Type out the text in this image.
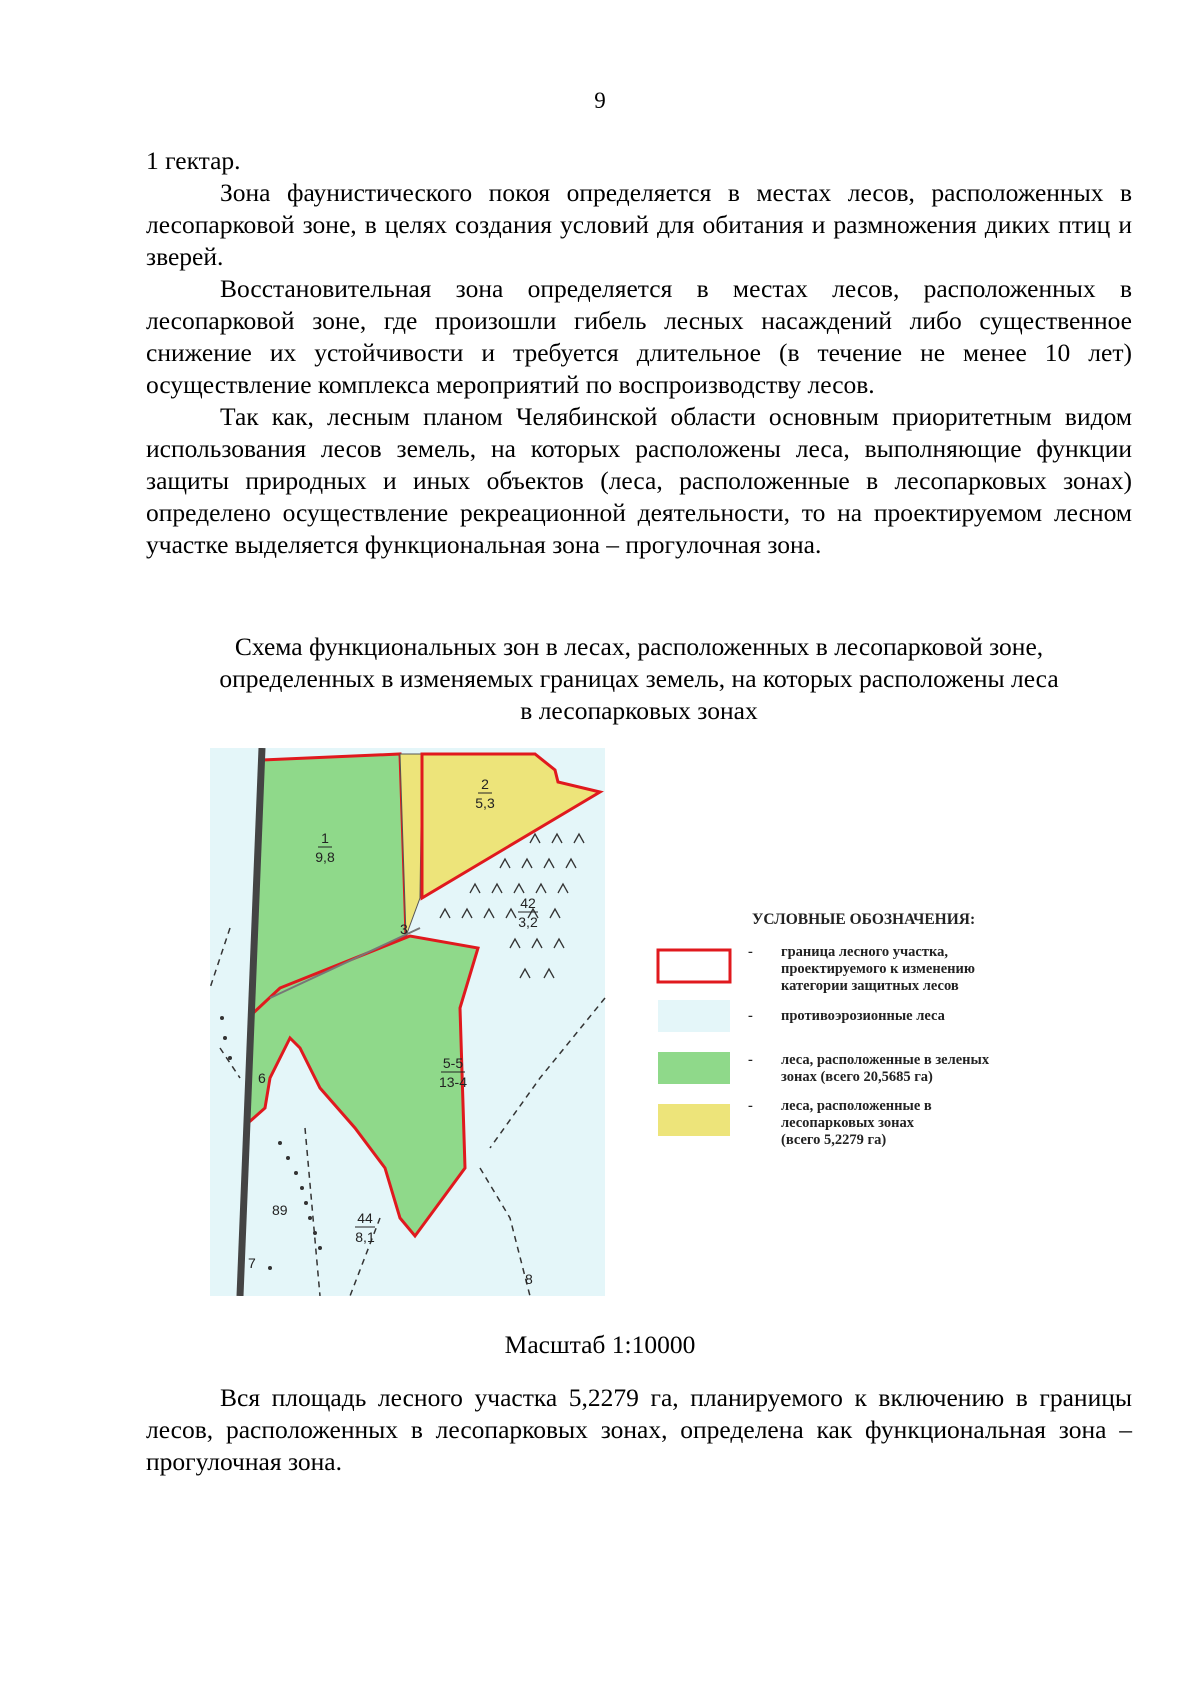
9

1 гектар.

Зона фаунистического покоя определяется в местах лесов, расположенных в лесопарковой зоне, в целях создания условий для обитания и размножения диких птиц и зверей.

Восстановительная зона определяется в местах лесов, расположенных в лесопарковой зоне, где произошли гибель лесных насаждений либо существенное снижение их устойчивости и требуется длительное (в течение не менее 10 лет) осуществление комплекса мероприятий по воспроизводству лесов.

Так как, лесным планом Челябинской области основным приоритетным видом использования лесов земель, на которых расположены леса, выполняющие функции защиты природных и иных объектов (леса, расположенные в лесопарковых зонах) определено осуществление рекреационной деятельности, то на проектируемом лесном участке выделяется функциональная зона – прогулочная зона.

Схема функциональных зон в лесах, расположенных в лесопарковой зоне,
определенных в изменяемых границах земель, на которых расположены леса
в лесопарковых зонах
1
9,8
2
5,3
42
3,2
5-5
13-4
44
8,1
3
6
7
8
89
УСЛОВНЫЕ ОБОЗНАЧЕНИЯ:
- граница лесного участка,
проектируемого к изменению
категории защитных лесов
- противоэрозионные леса
- леса, расположенные в зеленых
зонах (всего 20,5685 га)
- леса, расположенные в
лесопарковых зонах
(всего 5,2279 га)
Масштаб 1:10000

Вся площадь лесного участка 5,2279 га, планируемого к включению в границы лесов, расположенных в лесопарковых зонах, определена как функциональная зона – прогулочная зона.
